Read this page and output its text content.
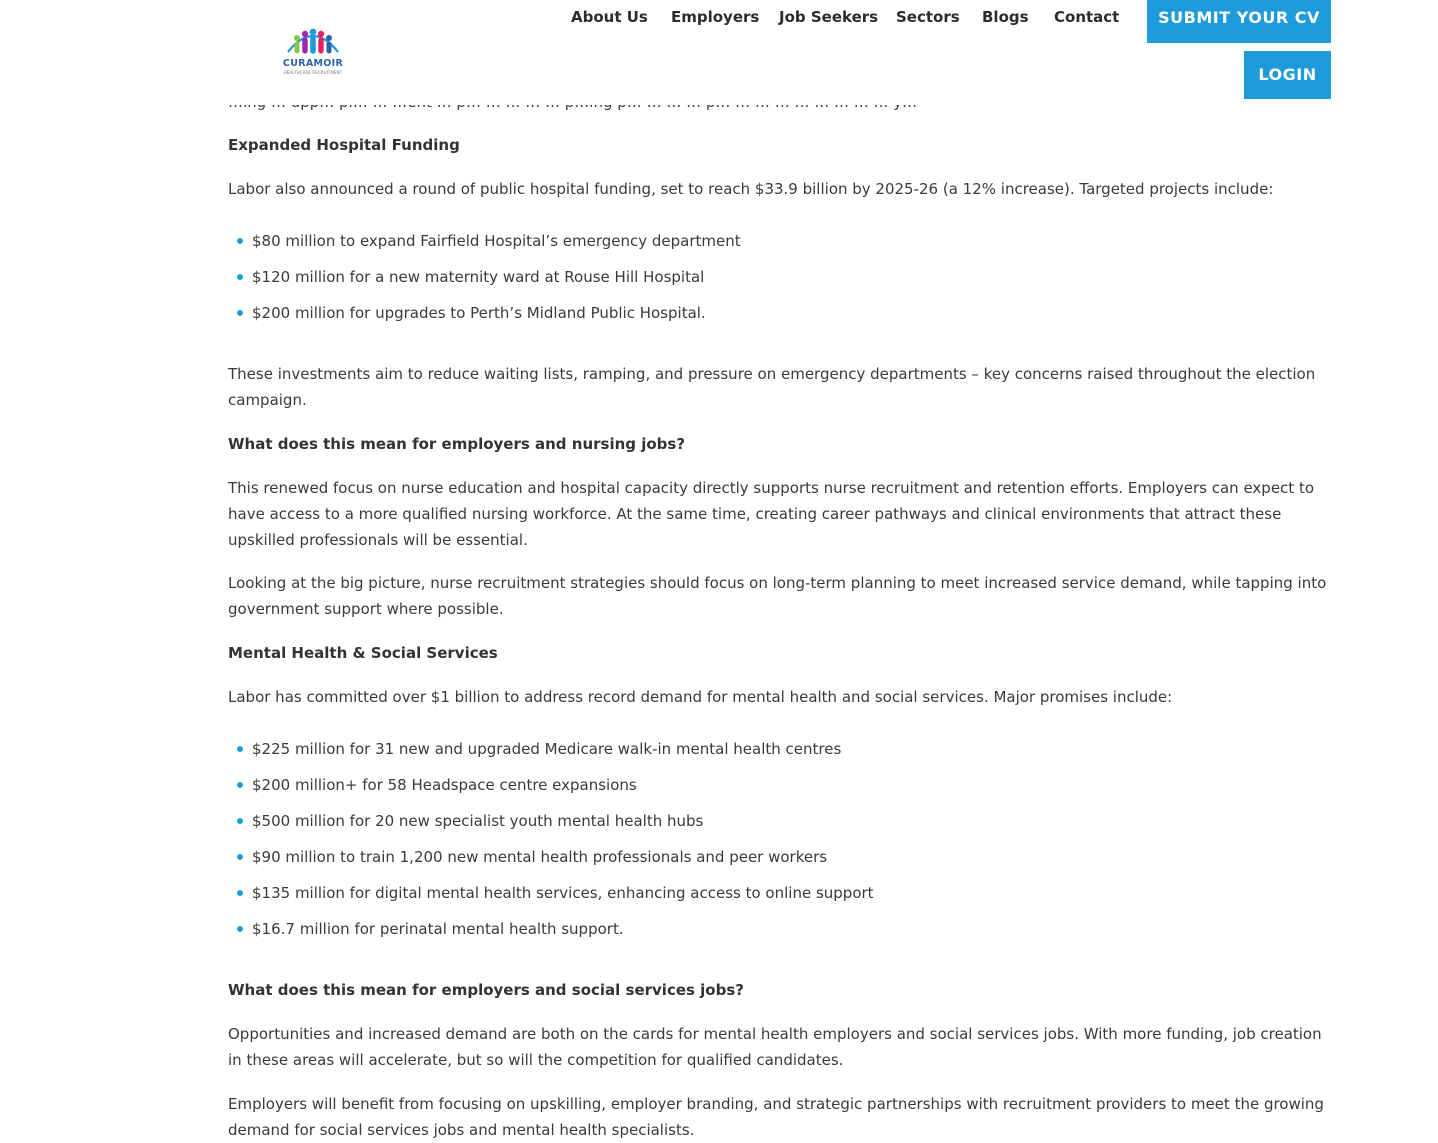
CURAMOIR
HEALTHCARE RECRUITMENT
About Us Employers Job Seekers Sectors Blogs Contact	SUBMIT YOUR CV
LOGIN
Expanded Hospital Funding

Labor also announced a round of public hospital funding, set to reach $33.9 billion by 2025-26 (a 12% increase). Targeted projects include:

$80 million to expand Fairfield Hospital’s emergency department
$120 million for a new maternity ward at Rouse Hill Hospital
$200 million for upgrades to Perth’s Midland Public Hospital.

These investments aim to reduce waiting lists, ramping, and pressure on emergency departments – key concerns raised throughout the election campaign.

What does this mean for employers and nursing jobs?

This renewed focus on nurse education and hospital capacity directly supports nurse recruitment and retention efforts. Employers can expect to have access to a more qualified nursing workforce. At the same time, creating career pathways and clinical environments that attract these upskilled professionals will be essential.

Looking at the big picture, nurse recruitment strategies should focus on long-term planning to meet increased service demand, while tapping into government support where possible.

Mental Health & Social Services

Labor has committed over $1 billion to address record demand for mental health and social services. Major promises include:

$225 million for 31 new and upgraded Medicare walk-in mental health centres
$200 million+ for 58 Headspace centre expansions
$500 million for 20 new specialist youth mental health hubs
$90 million to train 1,200 new mental health professionals and peer workers
$135 million for digital mental health services, enhancing access to online support
$16.7 million for perinatal mental health support.
What does this mean for employers and social services jobs?

Opportunities and increased demand are both on the cards for mental health employers and social services jobs. With more funding, job creation in these areas will accelerate, but so will the competition for qualified candidates.

Employers will benefit from focusing on upskilling, employer branding, and strategic partnerships with recruitment providers to meet the growing demand for social services jobs and mental health specialists.
